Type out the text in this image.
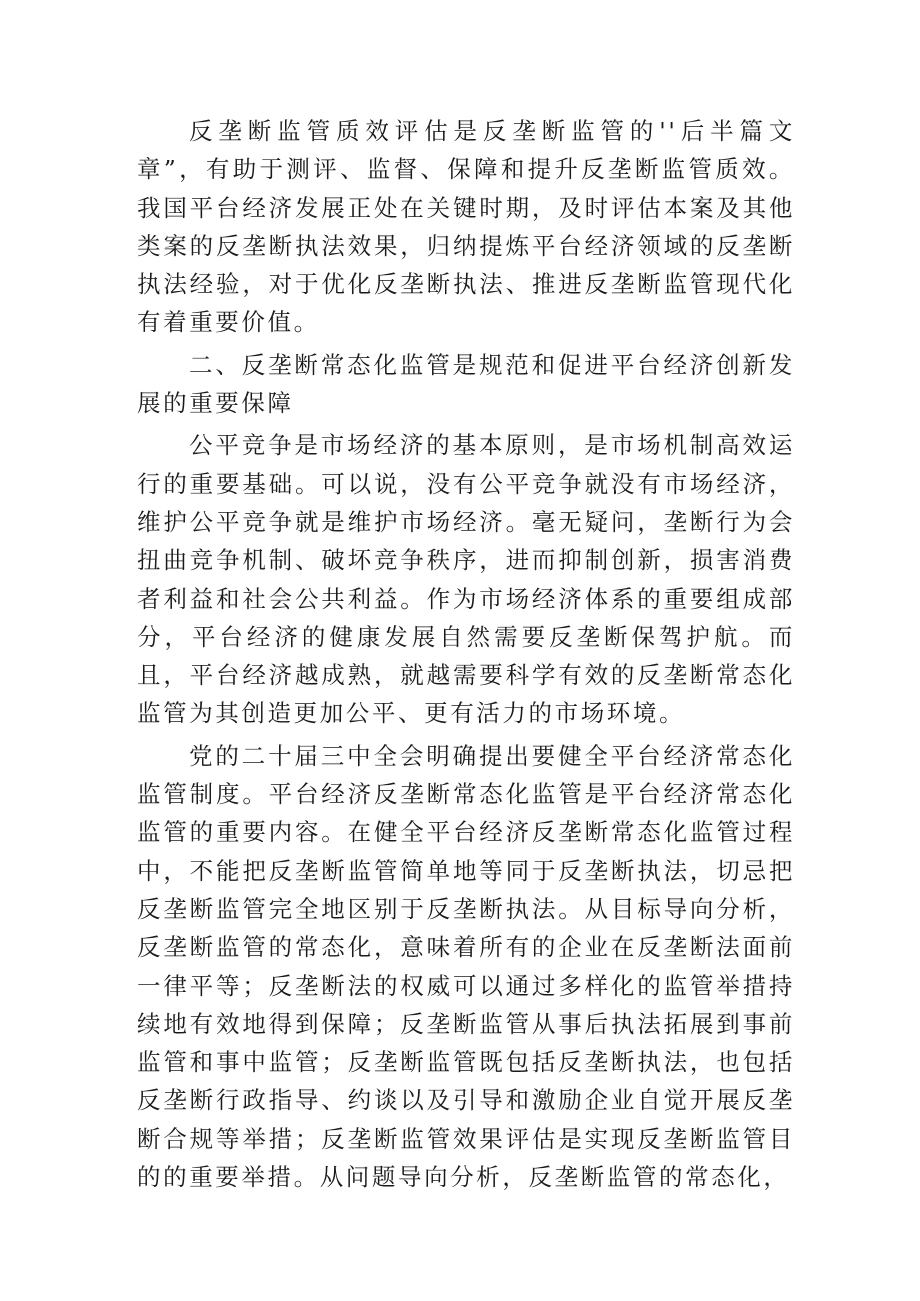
反垄断监管质效评估是反垄断监管的''后半篇文章”，有助于测评、监督、保障和提升反垄断监管质效。我国平台经济发展正处在关键时期，及时评估本案及其他类案的反垄断执法效果，归纳提炼平台经济领域的反垄断执法经验，对于优化反垄断执法、推进反垄断监管现代化有着重要价值。

二、反垄断常态化监管是规范和促进平台经济创新发展的重要保障

公平竞争是市场经济的基本原则，是市场机制高效运行的重要基础。可以说，没有公平竞争就没有市场经济，维护公平竞争就是维护市场经济。毫无疑问，垄断行为会扭曲竞争机制、破坏竞争秩序，进而抑制创新，损害消费者利益和社会公共利益。作为市场经济体系的重要组成部分，平台经济的健康发展自然需要反垄断保驾护航。而且，平台经济越成熟，就越需要科学有效的反垄断常态化监管为其创造更加公平、更有活力的市场环境。

党的二十届三中全会明确提出要健全平台经济常态化监管制度。平台经济反垄断常态化监管是平台经济常态化监管的重要内容。在健全平台经济反垄断常态化监管过程中，不能把反垄断监管简单地等同于反垄断执法，切忌把反垄断监管完全地区别于反垄断执法。从目标导向分析，反垄断监管的常态化，意味着所有的企业在反垄断法面前一律平等；反垄断法的权威可以通过多样化的监管举措持续地有效地得到保障；反垄断监管从事后执法拓展到事前监管和事中监管；反垄断监管既包括反垄断执法，也包括反垄断行政指导、约谈以及引导和激励企业自觉开展反垄断合规等举措；反垄断监管效果评估是实现反垄断监管目的的重要举措。从问题导向分析，反垄断监管的常态化，
